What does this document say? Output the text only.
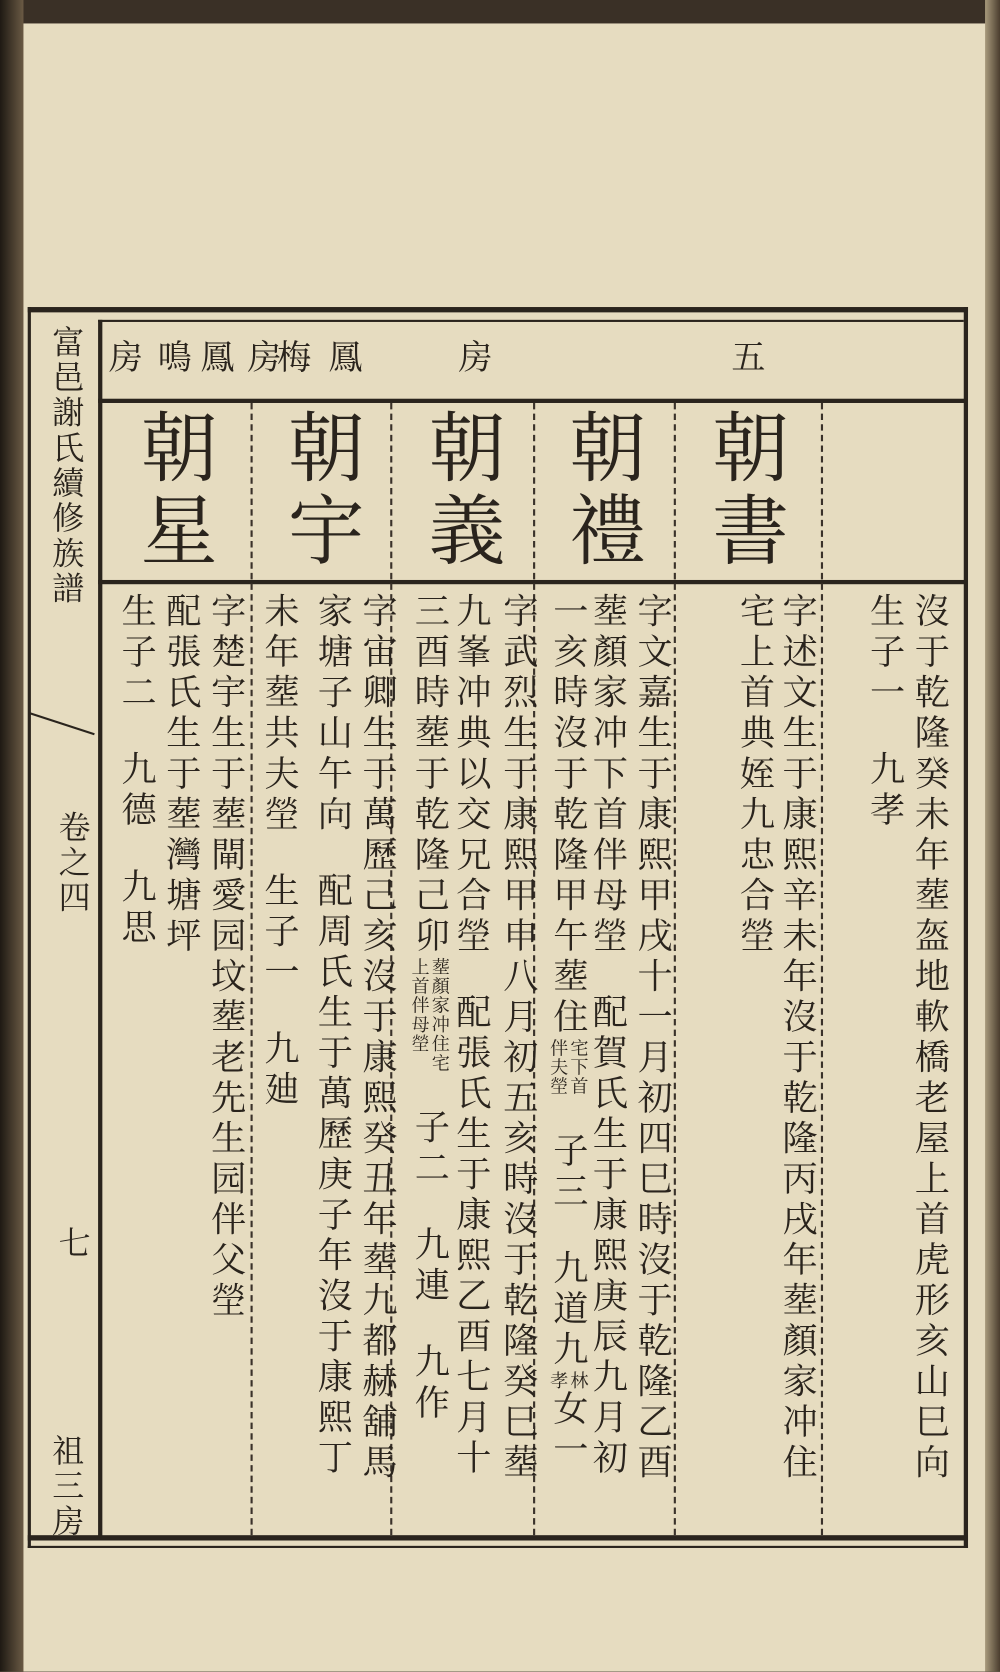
富邑謝氏續修族譜
卷之四
七
祖三房
五
房
鳳
梅
房
鳳
鳴
房
朝書
朝禮
朝義
朝宇
朝星
沒于乾隆癸未年塟盔地軟橋老屋上首虎形亥山巳向
生子一九孝
字述文生于康熙辛未年沒于乾隆丙戌年塟顏家冲住
宅上首典姪九忠合塋
字文嘉生于康熙甲戌十一月初四巳時沒于乾隆乙酉
塟顏家冲下首伴母塋配賀氏生于康熙庚辰九月初
一亥時沒于乾隆甲午塟住
宅下首
伴夫塋
子三九道九
林
孝
女一
字武烈生于康熙甲申八月初五亥時沒于乾隆癸巳塟
九峯冲典以交兄合塋配張氏生于康熙乙酉七月十
三酉時塟于乾隆己卯
塟顏家冲住宅
上首伴母塋
子二九連九作
字宙卿生于萬歷己亥沒于康熙癸丑年塟九都赫舖馬
家塘子山午向配周氏生于萬歷庚子年沒于康熙丁
未年塟共夫塋生子一九廸
字楚宇生于塟閘愛园坟塟老先生园伴父塋
配張氏生于塟灣塘坪
生子二九德九思
